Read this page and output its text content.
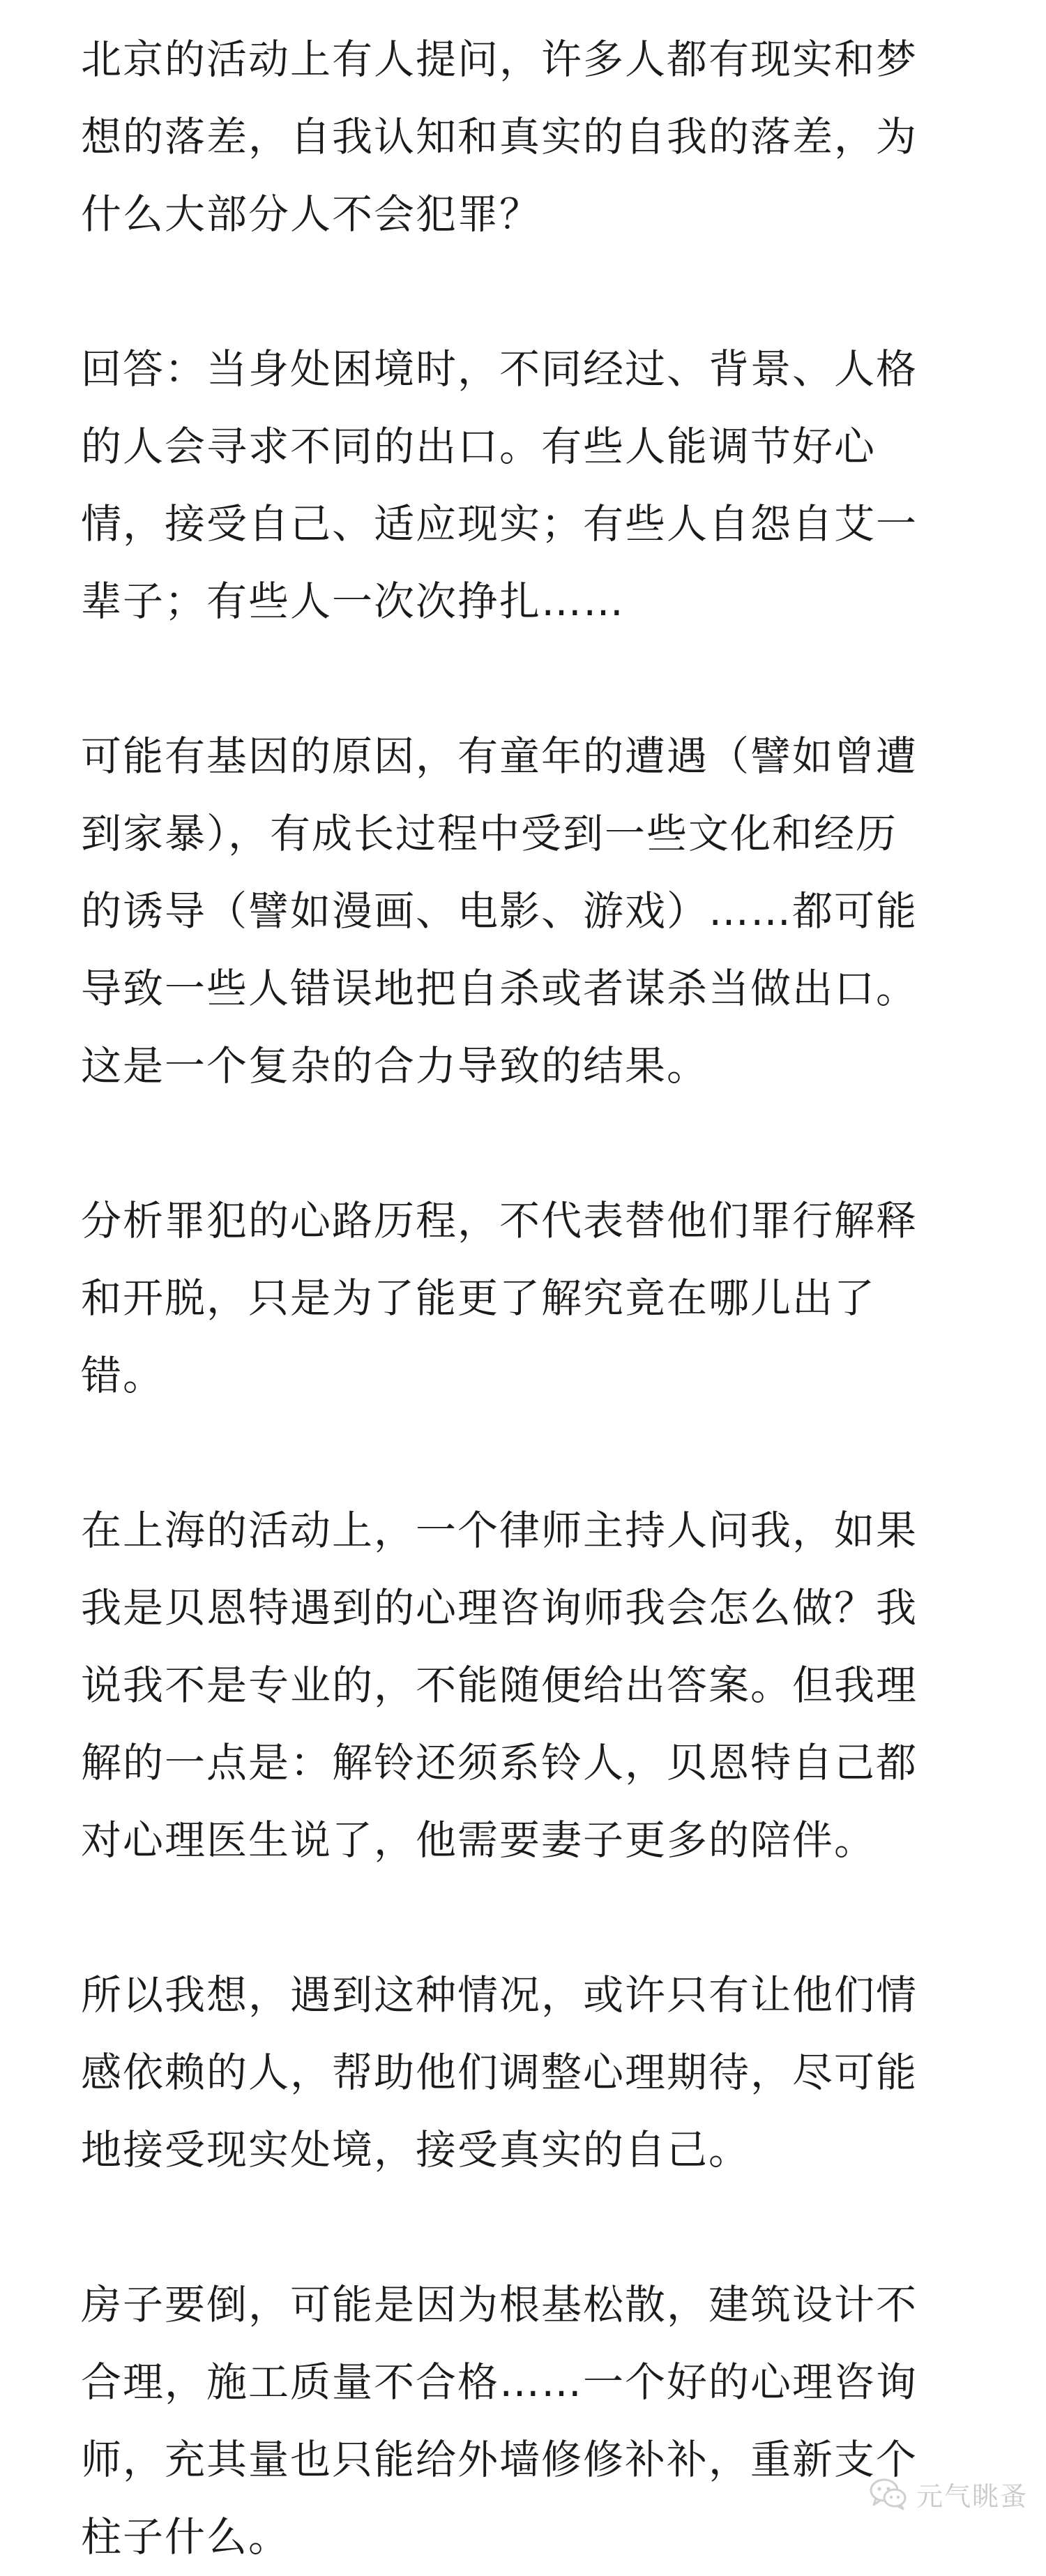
北京的活动上有人提问，许多人都有现实和梦
想的落差，自我认知和真实的自我的落差，为
什么大部分人不会犯罪？
回答：当身处困境时，不同经过、背景、人格
的人会寻求不同的出口。有些人能调节好心
情，接受自己、适应现实；有些人自怨自艾一
辈子；有些人一次次挣扎……
可能有基因的原因，有童年的遭遇（譬如曾遭
到家暴），有成长过程中受到一些文化和经历
的诱导（譬如漫画、电影、游戏）……都可能
导致一些人错误地把自杀或者谋杀当做出口。
这是一个复杂的合力导致的结果。
分析罪犯的心路历程，不代表替他们罪行解释
和开脱，只是为了能更了解究竟在哪儿出了
错。
在上海的活动上，一个律师主持人问我，如果
我是贝恩特遇到的心理咨询师我会怎么做？我
说我不是专业的，不能随便给出答案。但我理
解的一点是：解铃还须系铃人，贝恩特自己都
对心理医生说了，他需要妻子更多的陪伴。
所以我想，遇到这种情况，或许只有让他们情
感依赖的人，帮助他们调整心理期待，尽可能
地接受现实处境，接受真实的自己。
房子要倒，可能是因为根基松散，建筑设计不
合理，施工质量不合格……一个好的心理咨询
师，充其量也只能给外墙修修补补，重新支个
柱子什么。
元气眺蚤
